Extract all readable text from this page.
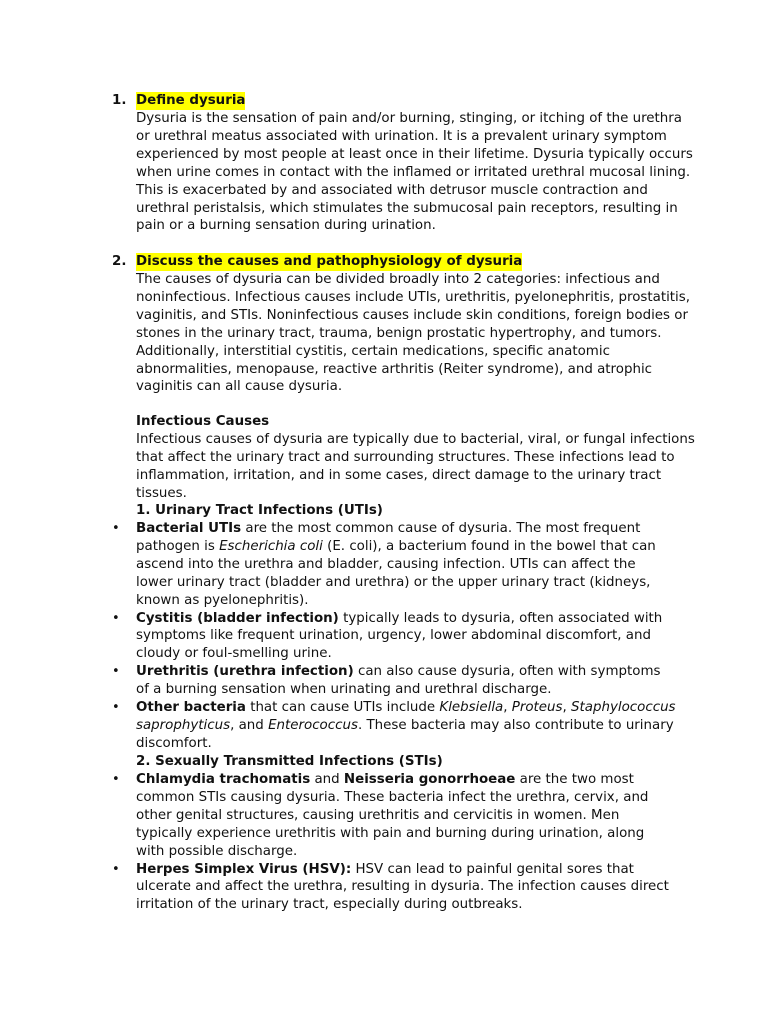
1. Define dysuria

Dysuria is the sensation of pain and/or burning, stinging, or itching of the urethra or urethral meatus associated with urination. It is a prevalent urinary symptom experienced by most people at least once in their lifetime. Dysuria typically occurs when urine comes in contact with the inflamed or irritated urethral mucosal lining. This is exacerbated by and associated with detrusor muscle contraction and urethral peristalsis, which stimulates the submucosal pain receptors, resulting in pain or a burning sensation during urination.

2. Discuss the causes and pathophysiology of dysuria

The causes of dysuria can be divided broadly into 2 categories: infectious and noninfectious. Infectious causes include UTIs, urethritis, pyelonephritis, prostatitis, vaginitis, and STIs. Noninfectious causes include skin conditions, foreign bodies or stones in the urinary tract, trauma, benign prostatic hypertrophy, and tumors. Additionally, interstitial cystitis, certain medications, specific anatomic abnormalities, menopause, reactive arthritis (Reiter syndrome), and atrophic vaginitis can all cause dysuria.

Infectious Causes

Infectious causes of dysuria are typically due to bacterial, viral, or fungal infections that affect the urinary tract and surrounding structures. These infections lead to inflammation, irritation, and in some cases, direct damage to the urinary tract tissues.

1. Urinary Tract Infections (UTIs)
• Bacterial UTIs are the most common cause of dysuria. The most frequent pathogen is Escherichia coli (E. coli), a bacterium found in the bowel that can ascend into the urethra and bladder, causing infection. UTIs can affect the lower urinary tract (bladder and urethra) or the upper urinary tract (kidneys, known as pyelonephritis).
• Cystitis (bladder infection) typically leads to dysuria, often associated with symptoms like frequent urination, urgency, lower abdominal discomfort, and cloudy or foul-smelling urine.
• Urethritis (urethra infection) can also cause dysuria, often with symptoms of a burning sensation when urinating and urethral discharge.
• Other bacteria that can cause UTIs include Klebsiella, Proteus, Staphylococcus saprophyticus, and Enterococcus. These bacteria may also contribute to urinary discomfort.
2. Sexually Transmitted Infections (STIs)
• Chlamydia trachomatis and Neisseria gonorrhoeae are the two most common STIs causing dysuria. These bacteria infect the urethra, cervix, and other genital structures, causing urethritis and cervicitis in women. Men typically experience urethritis with pain and burning during urination, along with possible discharge.
• Herpes Simplex Virus (HSV): HSV can lead to painful genital sores that ulcerate and affect the urethra, resulting in dysuria. The infection causes direct irritation of the urinary tract, especially during outbreaks.
